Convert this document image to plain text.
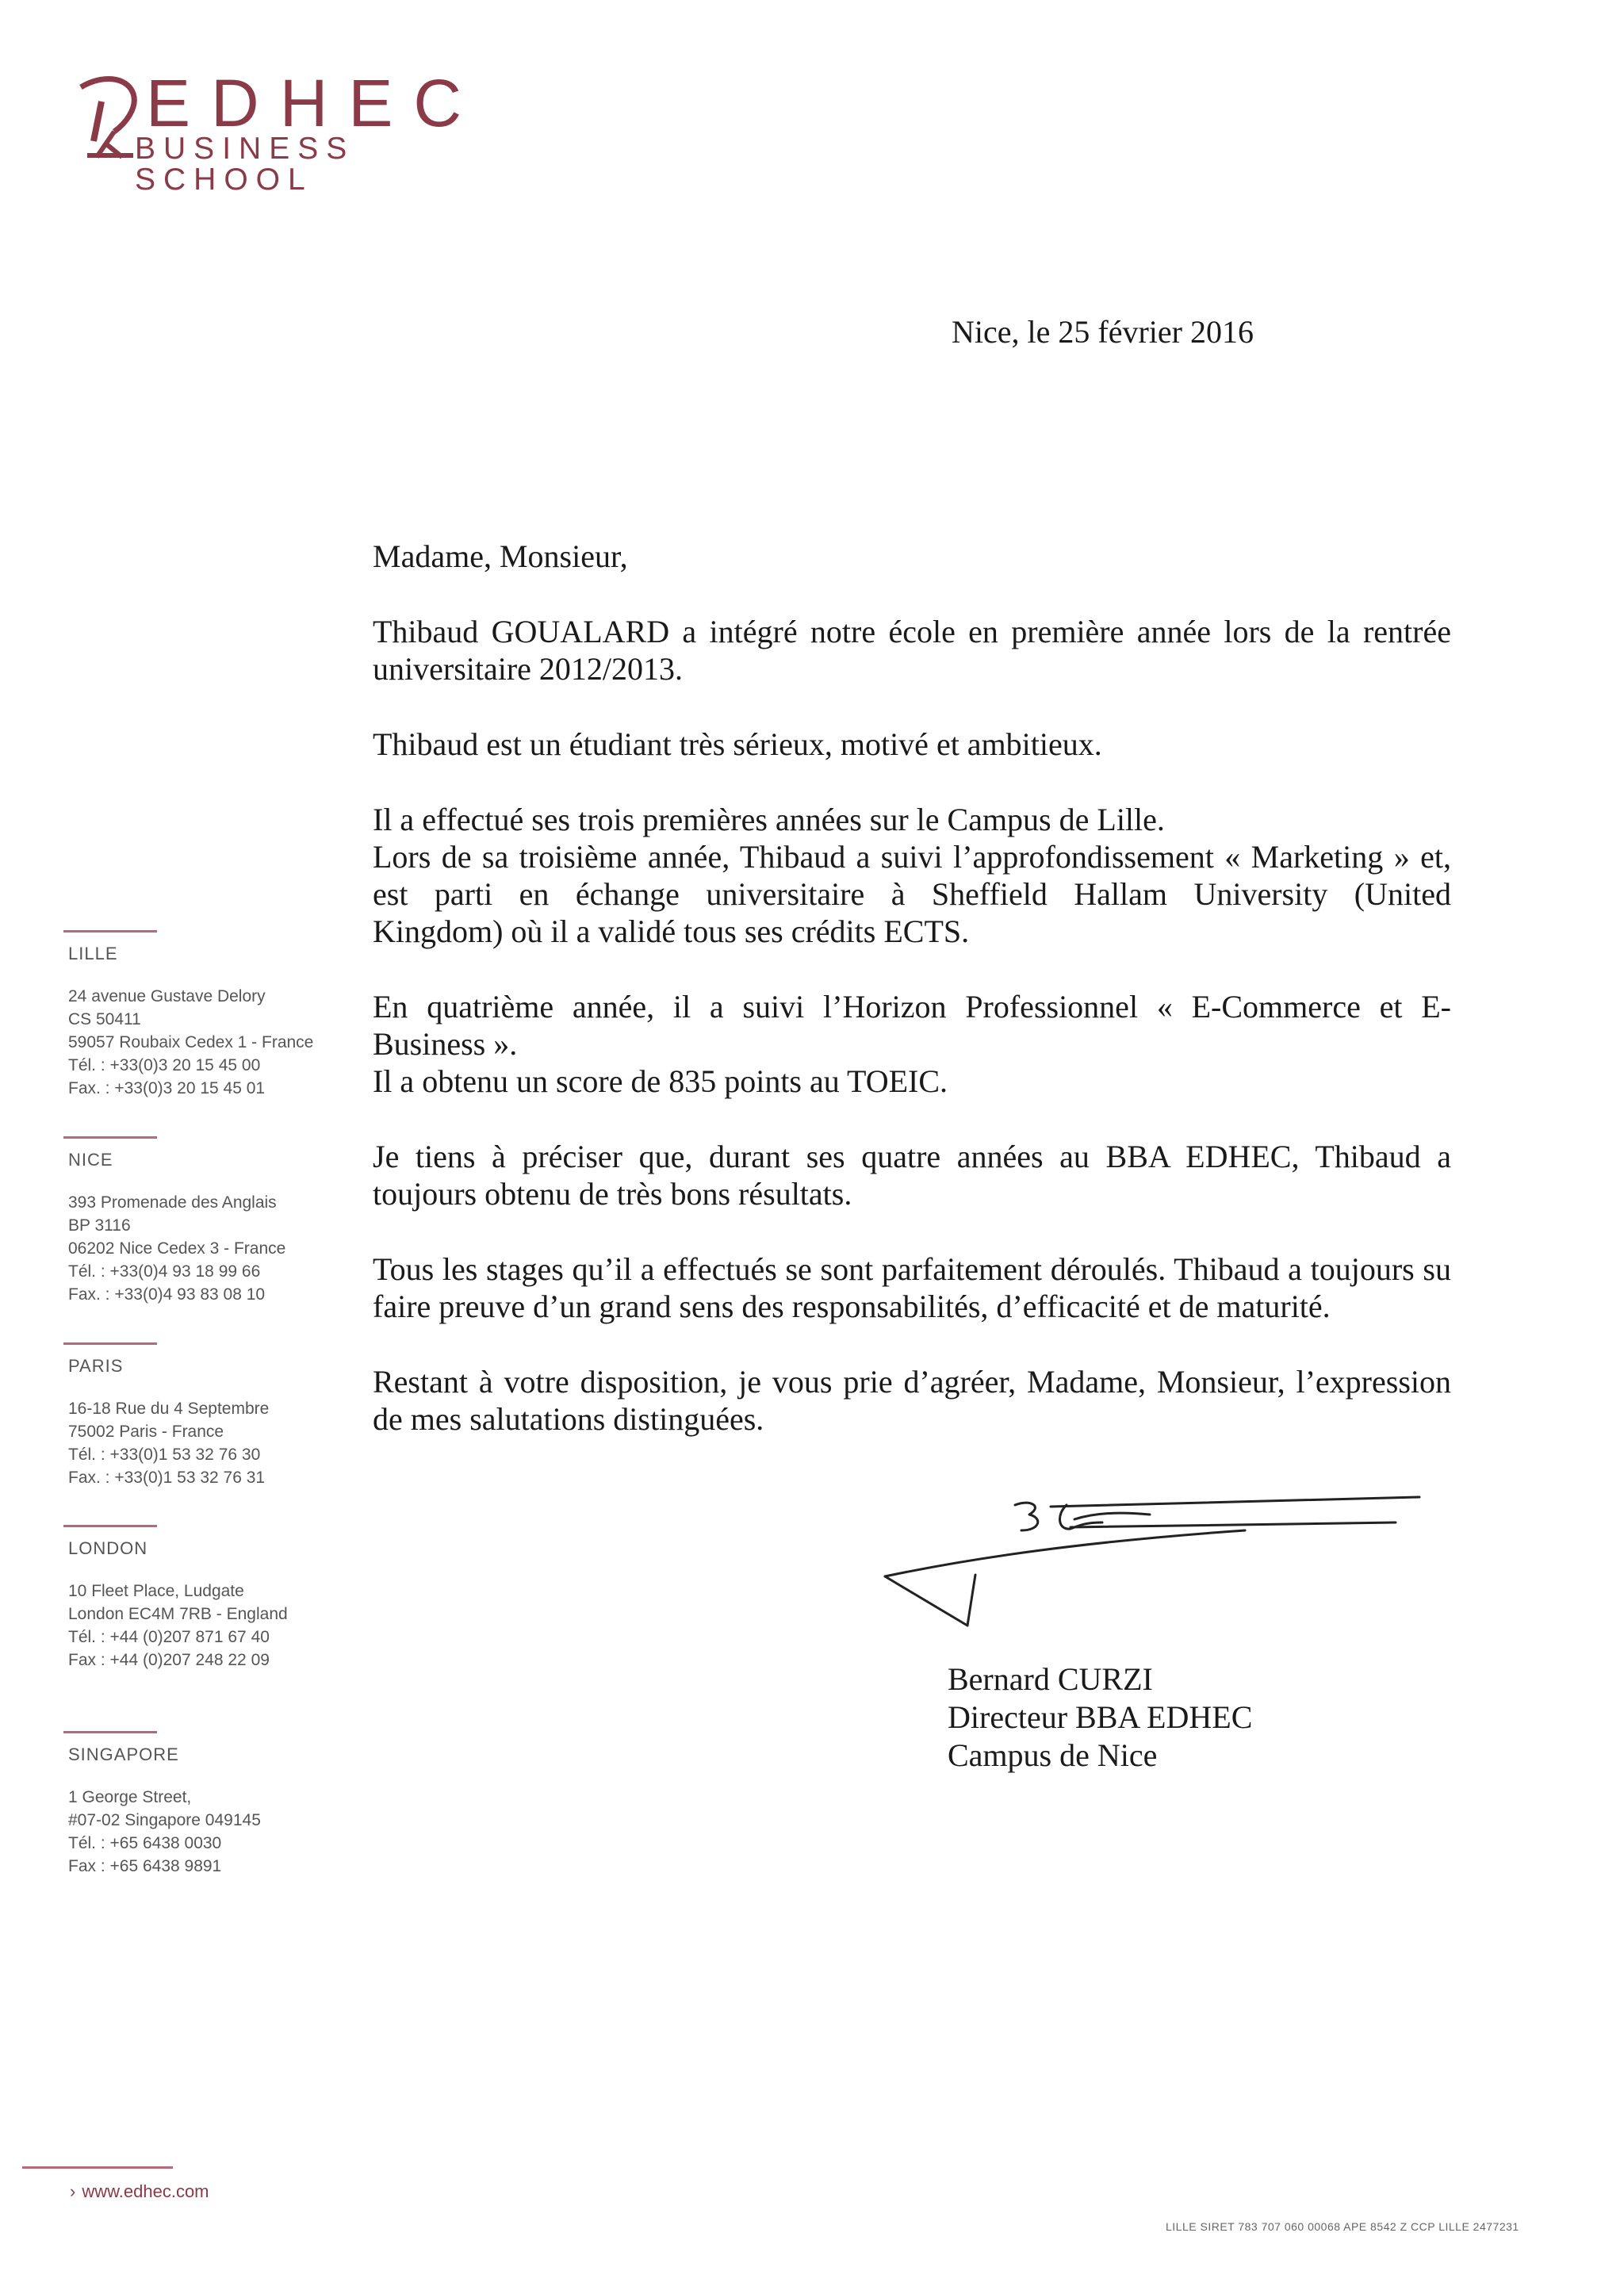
EDHEC
BUSINESS SCHOOL
Nice, le 25 février 2016

Madame, Monsieur,

Thibaud GOUALARD a intégré notre école en première année lors de la rentrée universitaire 2012/2013.

Thibaud est un étudiant très sérieux, motivé et ambitieux.

Il a effectué ses trois premières années sur le Campus de Lille.
Lors de sa troisième année, Thibaud a suivi l’approfondissement « Marketing » et,
est parti en échange universitaire à Sheffield Hallam University (United
Kingdom) où il a validé tous ses crédits ECTS.

En quatrième année, il a suivi l’Horizon Professionnel « E-Commerce et E-
Business ».
Il a obtenu un score de 835 points au TOEIC.

Je tiens à préciser que, durant ses quatre années au BBA EDHEC, Thibaud a toujours obtenu de très bons résultats.

Tous les stages qu’il a effectués se sont parfaitement déroulés. Thibaud a toujours su faire preuve d’un grand sens des responsabilités, d’efficacité et de maturité.

Restant à votre disposition, je vous prie d’agréer, Madame, Monsieur, l’expression de mes salutations distinguées.

LILLE
24 avenue Gustave Delory
CS 50411
59057 Roubaix Cedex 1 - France
Tél. : +33(0)3 20 15 45 00
Fax. : +33(0)3 20 15 45 01
NICE
393 Promenade des Anglais
BP 3116
06202 Nice Cedex 3 - France
Tél. : +33(0)4 93 18 99 66
Fax. : +33(0)4 93 83 08 10
PARIS
16-18 Rue du 4 Septembre
75002 Paris - France
Tél. : +33(0)1 53 32 76 30
Fax. : +33(0)1 53 32 76 31
LONDON
10 Fleet Place, Ludgate
London EC4M 7RB - England
Tél. : +44 (0)207 871 67 40
Fax : +44 (0)207 248 22 09
SINGAPORE
1 George Street,
#07-02 Singapore 049145
Tél. : +65 6438 0030
Fax : +65 6438 9891
› www.edhec.com
Bernard CURZI
Directeur BBA EDHEC
Campus de Nice
LILLE SIRET 783 707 060 00068 APE 8542 Z CCP LILLE 2477231
